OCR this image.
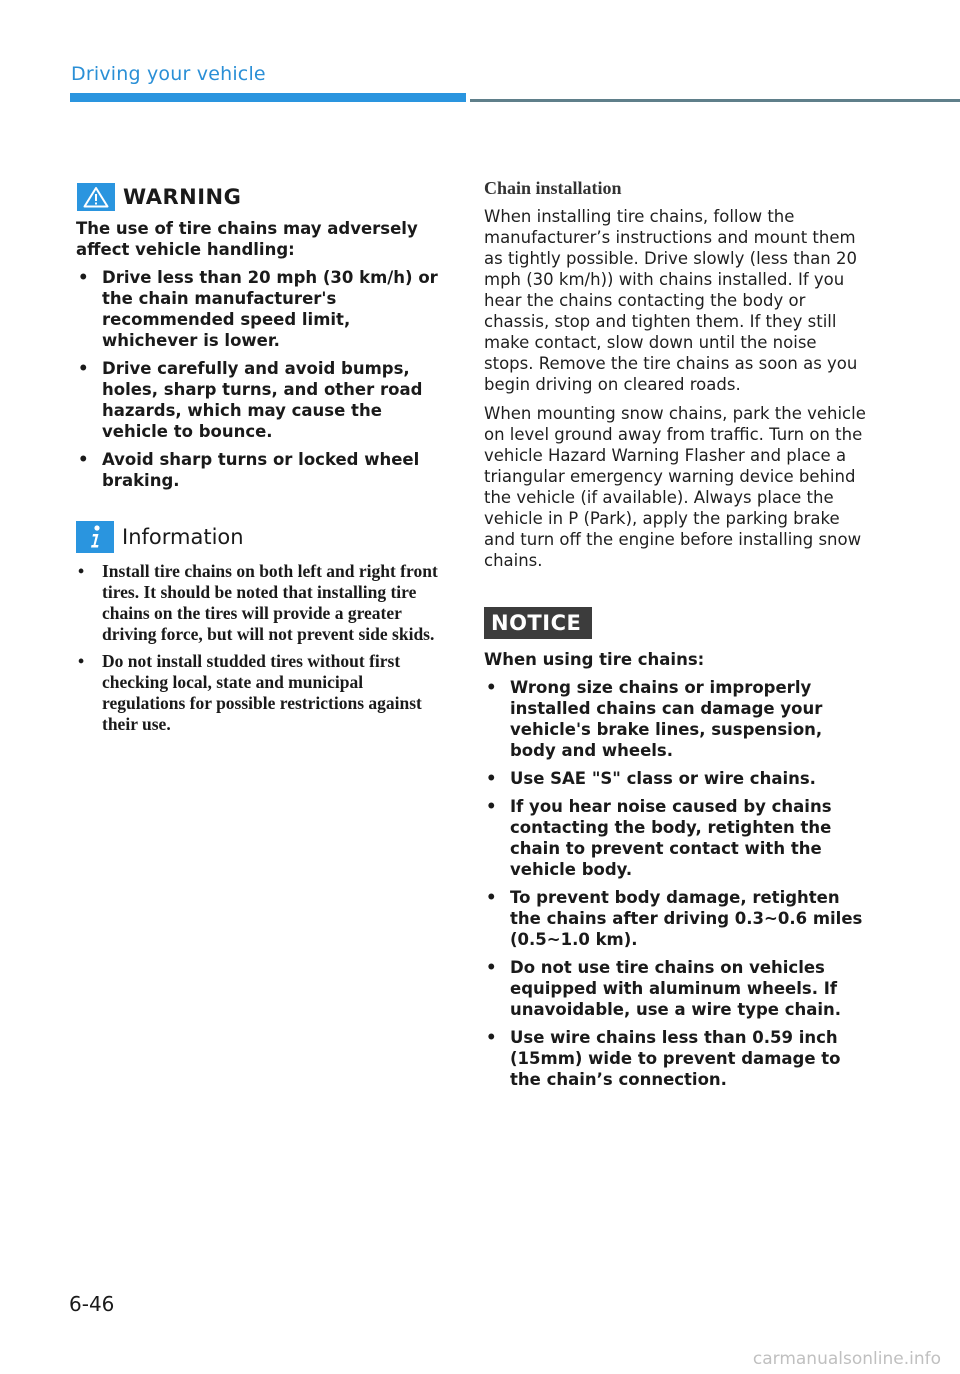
Driving your vehicle
WARNING
The use of tire chains may adversely affect vehicle handling:
• Drive less than 20 mph (30 km/h) or the chain manufacturer's recommended speed limit, whichever is lower.
• Drive carefully and avoid bumps, holes, sharp turns, and other road hazards, which may cause the vehicle to bounce.
• Avoid sharp turns or locked wheel braking.
Information
• Install tire chains on both left and right front tires. It should be noted that installing tire chains on the tires will provide a greater driving force, but will not prevent side skids.
• Do not install studded tires without first checking local, state and municipal regulations for possible restrictions against their use.
Chain installation

When installing tire chains, follow the manufacturer’s instructions and mount them as tightly possible. Drive slowly (less than 20 mph (30 km/h)) with chains installed. If you hear the chains contacting the body or chassis, stop and tighten them. If they still make contact, slow down until the noise stops. Remove the tire chains as soon as you begin driving on cleared roads.

When mounting snow chains, park the vehicle on level ground away from traffic. Turn on the vehicle Hazard Warning Flasher and place a triangular emergency warning device behind the vehicle (if available). Always place the vehicle in P (Park), apply the parking brake and turn off the engine before installing snow chains.

NOTICE
When using tire chains:
• Wrong size chains or improperly installed chains can damage your vehicle's brake lines, suspension, body and wheels.
• Use SAE "S" class or wire chains.
• If you hear noise caused by chains contacting the body, retighten the chain to prevent contact with the vehicle body.
• To prevent body damage, retighten the chains after driving 0.3~0.6 miles (0.5~1.0 km).
• Do not use tire chains on vehicles equipped with aluminum wheels. If unavoidable, use a wire type chain.
• Use wire chains less than 0.59 inch (15mm) wide to prevent damage to the chain’s connection.
6-46
carmanualsonline.info
